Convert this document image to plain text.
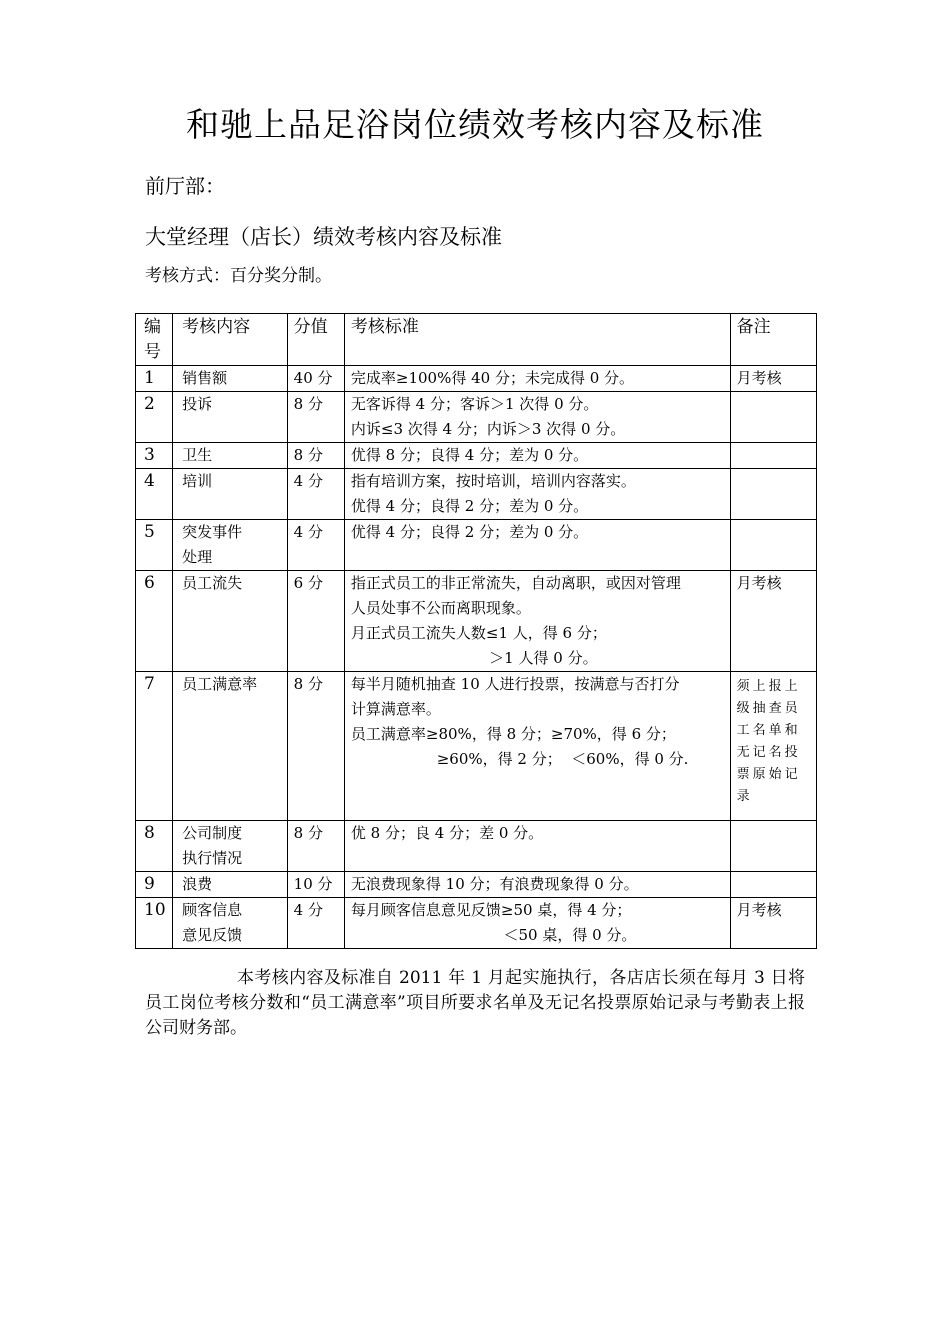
和驰上品足浴岗位绩效考核内容及标准
前厅部：
大堂经理（店长）绩效考核内容及标准
考核方式：百分奖分制。
编号	考核内容	分值	考核标准	备注
1	销售额	40 分	完成率≥100%得 40 分；未完成得 0 分。	月考核
2	投诉	8 分	无客诉得 4 分；客诉＞1 次得 0 分。
内诉≤3 次得 4 分；内诉＞3 次得 0 分。	

3	卫生	8 分	优得 8 分；良得 4 分；差为 0 分。	

4	培训	4 分	指有培训方案，按时培训，培训内容落实。
优得 4 分；良得 2 分；差为 0 分。	

5	突发事件处理	4 分	优得 4 分；良得 2 分；差为 0 分。	

6	员工流失	6 分	指正式员工的非正常流失，自动离职，或因对管理
人员处事不公而离职现象。
月正式员工流失人数≤1 人，得 6 分；
＞1 人得 0 分。	月考核
7	员工满意率	8 分	每半月随机抽查 10 人进行投票，按满意与否打分
计算满意率。
员工满意率≥80%，得 8 分；≥70%，得 6 分；
≥60%，得 2 分；  ＜60%，得 0 分.	须上报上级抽查员工名单和无记名投票原始记录

8	公司制度执行情况	8 分	优 8 分；良 4 分；差 0 分。	

9	浪费	10 分	无浪费现象得 10 分；有浪费现象得 0 分。	

10	顾客信息意见反馈	4 分	每月顾客信息意见反馈≥50 桌，得 4 分；
＜50 桌，得 0 分。	月考核
本考核内容及标准自 2011 年 1 月起实施执行，各店店长须在每月 3 日将员工岗位考核分数和“员工满意率”项目所要求名单及无记名投票原始记录与考勤表上报公司财务部。
